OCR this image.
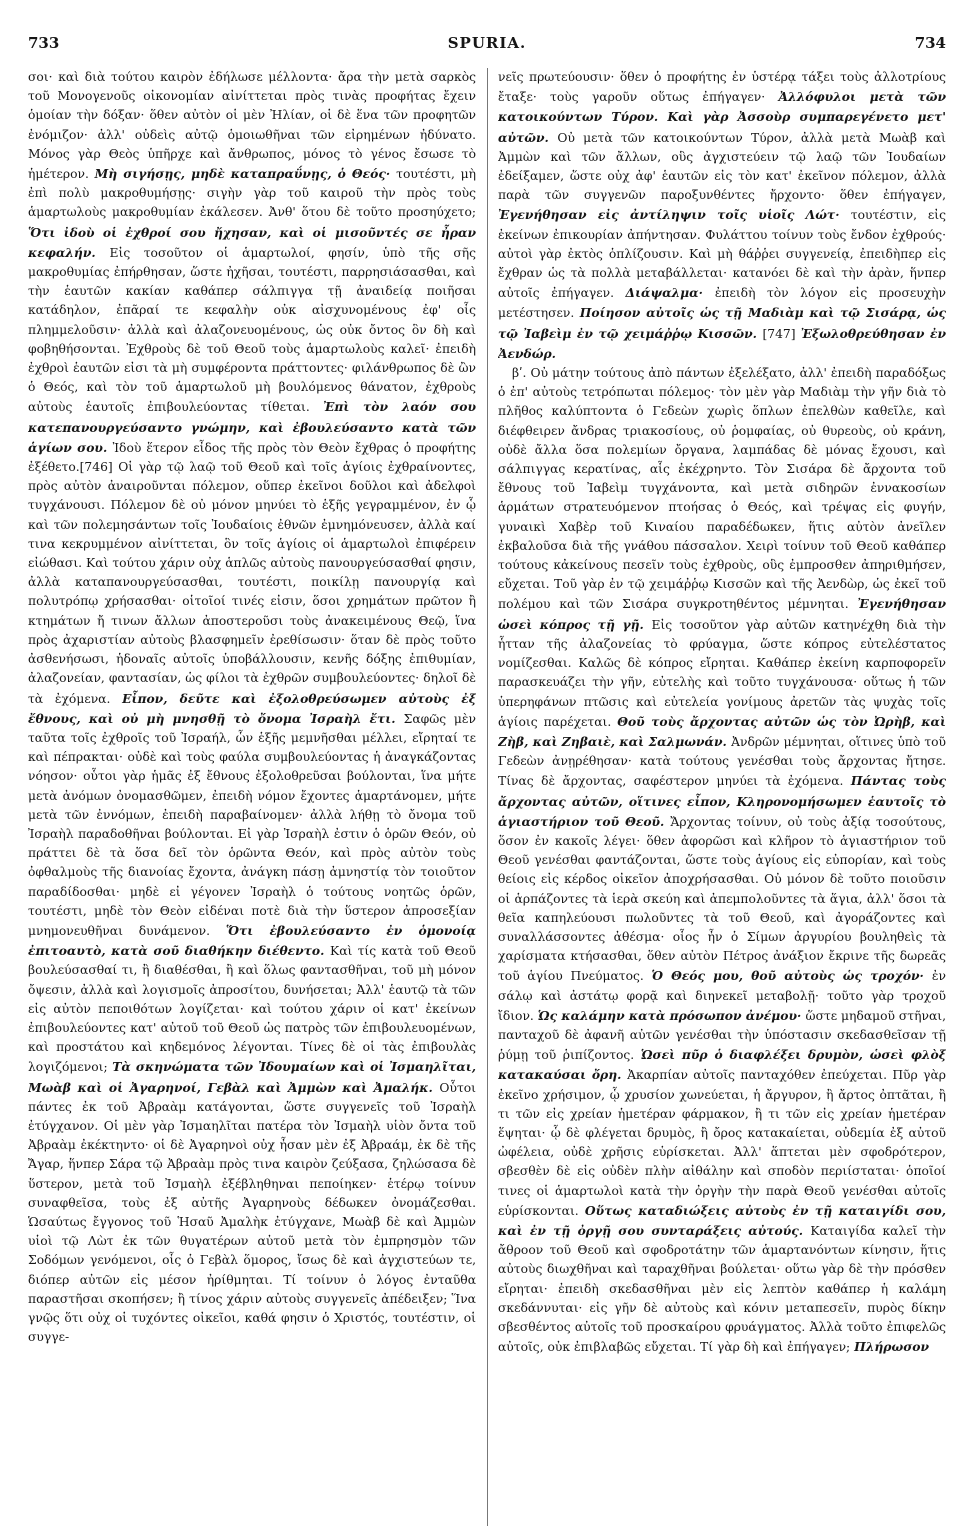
733	SPURIA.	734

σοι· καὶ διὰ τούτου καιρὸν ἐδήλωσε μέλλοντα· ἄρα τὴν μετὰ σαρκὸς τοῦ Μονογενοῦς οἰκονομίαν αἰνίττεται πρὸς τινὰς προφήτας ἔχειν ὁμοίαν τὴν δόξαν· ὅθεν αὐτὸν οἱ μὲν Ἠλίαν, οἱ δὲ ἕνα τῶν προφητῶν ἐνόμιζον· ἀλλ' οὐδεὶς αὐτῷ ὁμοιωθῆναι τῶν εἰρημένων ἠδύνατο. Μόνος γὰρ Θεὸς ὑπῆρχε καὶ ἄνθρωπος, μόνος τὸ γένος ἔσωσε τὸ ἡμέτερον. Μὴ σιγήσῃς, μηδὲ καταπραΰνῃς, ὁ Θεός· τουτέστι, μὴ ἐπὶ πολὺ μακροθυμήσῃς· σιγὴν γὰρ τοῦ καιροῦ τὴν πρὸς τοὺς ἁμαρτωλοὺς μακροθυμίαν ἐκάλεσεν. Ἀνθ' ὅτου δὲ τοῦτο προσηύχετο; Ὅτι ἰδοὺ οἱ ἐχθροί σου ἤχησαν, καὶ οἱ μισοῦντές σε ἦραν κεφαλήν. Εἰς τοσοῦτον οἱ ἁμαρτωλοί, φησίν, ὑπὸ τῆς σῆς μακροθυμίας ἐπήρθησαν, ὥστε ἠχῆσαι, τουτέστι, παρρησιάσασθαι, καὶ τὴν ἑαυτῶν κακίαν καθάπερ σάλπιγγα τῇ ἀναιδείᾳ ποιῆσαι κατάδηλον, ἐπᾶραί τε κεφαλὴν οὐκ αἰσχυνομένους ἐφ' οἷς πλημμελοῦσιν· ἀλλὰ καὶ ἀλαζονευομένους, ὡς οὐκ ὄντος ὃν δὴ καὶ φοβηθήσονται. Ἐχθροὺς δὲ τοῦ Θεοῦ τοὺς ἁμαρτωλοὺς καλεῖ· ἐπειδὴ ἐχθροὶ ἑαυτῶν εἰσι τὰ μὴ συμφέροντα πράττοντες· φιλάνθρωπος δὲ ὢν ὁ Θεός, καὶ τὸν τοῦ ἁμαρτωλοῦ μὴ βουλόμενος θάνατον, ἐχθροὺς αὐτοὺς ἑαυτοῖς ἐπιβουλεύοντας τίθεται. Ἐπὶ τὸν λαόν σου κατεπανουργεύσαντο γνώμην, καὶ ἐβουλεύσαντο κατὰ τῶν ἁγίων σου. Ἰδοὺ ἕτερον εἶδος τῆς πρὸς τὸν Θεὸν ἔχθρας ὁ προφήτης ἐξέθετο.[746] Οἱ γὰρ τῷ λαῷ τοῦ Θεοῦ καὶ τοῖς ἁγίοις ἐχθραίνοντες, πρὸς αὐτὸν ἀναιροῦνται πόλεμον, οὕπερ ἐκεῖνοι δοῦλοι καὶ ἀδελφοὶ τυγχάνουσι. Πόλεμον δὲ οὐ μόνον μηνύει τὸ ἑξῆς γεγραμμένον, ἐν ᾧ καὶ τῶν πολεμησάντων τοῖς Ἰουδαίοις ἐθνῶν ἐμνημόνευσεν, ἀλλὰ καί τινα κεκρυμμένον αἰνίττεται, ὃν τοῖς ἁγίοις οἱ ἁμαρτωλοὶ ἐπιφέρειν εἰώθασι. Καὶ τούτου χάριν οὐχ ἁπλῶς αὐτοὺς πανουργεύσασθαί φησιν, ἀλλὰ καταπανουργεύσασθαι, τουτέστι, ποικίλῃ πανουργίᾳ καὶ πολυτρόπῳ χρήσασθαι· οἱτοῖοί τινές εἰσιν, ὅσοι χρημάτων πρῶτον ἢ κτημάτων ἤ τινων ἄλλων ἀποστεροῦσι τοὺς ἀνακειμένους Θεῷ, ἵνα πρὸς ἀχαριστίαν αὐτοὺς βλασφημεῖν ἐρεθίσωσιν· ὅταν δὲ πρὸς τοῦτο ἀσθενήσωσι, ἡδοναῖς αὐτοῖς ὑποβάλλουσιν, κενῆς δόξης ἐπιθυμίαν, ἀλαζονείαν, φαντασίαν, ὡς φίλοι τὰ ἐχθρῶν συμβουλεύοντες· δηλοῖ δὲ τὰ ἐχόμενα. Εἶπον, δεῦτε καὶ ἐξολοθρεύσωμεν αὐτοὺς ἐξ ἔθνους, καὶ οὐ μὴ μνησθῇ τὸ ὄνομα Ἰσραὴλ ἔτι. Σαφῶς μὲν ταῦτα τοῖς ἐχθροῖς τοῦ Ἰσραήλ, ὧν ἑξῆς μεμνῆσθαι μέλλει, εἴρηταί τε καὶ πέπρακται· οὐδὲ καὶ τοὺς φαύλα συμβουλεύοντας ἡ ἀναγκάζοντας νόησον· οὗτοι γὰρ ἡμᾶς ἐξ ἔθνους ἐξολοθρεῦσαι βούλονται, ἵνα μήτε μετὰ ἀνόμων ὀνομασθῶμεν, ἐπειδὴ νόμον ἔχοντες ἁμαρτάνομεν, μήτε μετὰ τῶν ἐννόμων, ἐπειδὴ παραβαίνομεν· ἀλλὰ λήθῃ τὸ ὄνομα τοῦ Ἰσραὴλ παραδοθῆναι βούλονται. Εἰ γὰρ Ἰσραὴλ ἐστιν ὁ ὁρῶν Θεόν, οὐ πράττει δὲ τὰ ὅσα δεῖ τὸν ὁρῶντα Θεόν, καὶ πρὸς αὐτὸν τοὺς ὀφθαλμοὺς τῆς διανοίας ἔχοντα, ἀνάγκη πάσῃ ἀμνηστίᾳ τὸν τοιοῦτον παραδίδοσθαι· μηδὲ εἰ γέγονεν Ἰσραὴλ ὁ τούτους νοητῶς ὁρῶν, τουτέστι, μηδὲ τὸν Θεὸν εἰδέναι ποτὲ διὰ τὴν ὕστερον ἀπροσεξίαν μνημονευθῆναι δυνάμενον. Ὅτι ἐβουλεύσαντο ἐν ὁμονοίᾳ ἐπιτοαυτὸ, κατὰ σοῦ διαθήκην διέθεντο. Καὶ τίς κατὰ τοῦ Θεοῦ βουλεύσασθαί τι, ἢ διαθέσθαι, ἢ καὶ ὅλως φαντασθῆναι, τοῦ μὴ μόνον ὄψεσιν, ἀλλὰ καὶ λογισμοῖς ἀπροσίτου, δυνήσεται; Ἀλλ' ἑαυτῷ τὰ τῶν εἰς αὐτὸν πεποιθότων λογίζεται· καὶ τούτου χάριν οἱ κατ' ἐκείνων ἐπιβουλεύοντες κατ' αὐτοῦ τοῦ Θεοῦ ὡς πατρὸς τῶν ἐπιβουλευομένων, καὶ προστάτου καὶ κηδεμόνος λέγονται. Τίνες δὲ οἱ τὰς ἐπιβουλὰς λογιζόμενοι; Τὰ σκηνώματα τῶν Ἰδουμαίων καὶ οἱ Ἰσμαηλῖται, Μωὰβ καὶ οἱ Ἀγαρηνοί, Γεβὰλ καὶ Ἀμμὼν καὶ Ἀμαλήκ. Οὗτοι πάντες ἐκ τοῦ Ἀβραὰμ κατάγονται, ὥστε συγγενεῖς τοῦ Ἰσραὴλ ἐτύγχανον. Οἱ μὲν γὰρ Ἰσμαηλῖται πατέρα τὸν Ἰσμαὴλ υἱὸν ὄντα τοῦ Ἀβραὰμ ἐκέκτηντο· οἱ δὲ Ἀγαρηνοὶ οὐχ ἦσαν μὲν ἐξ Ἀβραάμ, ἐκ δὲ τῆς Ἄγαρ, ἥνπερ Σάρα τῷ Ἀβραὰμ πρὸς τινα καιρὸν ζεύξασα, ζηλώσασα δὲ ὕστερον, μετὰ τοῦ Ἰσμαὴλ ἐξέβληθηναι πεποίηκεν· ἑτέρῳ τοίνυν συναφθεῖσα, τοὺς ἐξ αὐτῆς Ἀγαρηνοὺς δέδωκεν ὀνομάζεσθαι. Ὡσαύτως ἔγγονος τοῦ Ἡσαῦ Ἀμαλὴκ ἐτύγχανε, Μωὰβ δὲ καὶ Ἀμμὼν υἱοὶ τῷ Λὼτ ἐκ τῶν θυγατέρων αὐτοῦ μετὰ τὸν ἐμπρησμὸν τῶν Σοδόμων γενόμενοι, οἷς ὁ Γεβὰλ ὅμορος, ἴσως δὲ καὶ ἀγχιστεύων τε, διόπερ αὐτῶν εἰς μέσον ἠρίθμηται. Τί τοίνυν ὁ λόγος ἐνταῦθα παραστῆσαι σκοπήσεν; ἢ τίνος χάριν αὐτοὺς συγγενεῖς ἀπέδειξεν; Ἵνα γνῷς ὅτι οὐχ οἱ τυχόντες οἰκεῖοι, καθά φησιν ὁ Χριστός, τουτέστιν, οἱ συγγε-

νεῖς πρωτεύουσιν· ὅθεν ὁ προφήτης ἐν ὑστέρᾳ τάξει τοὺς ἀλλοτρίους ἔταξε· τοὺς γαροῦν οὕτως ἐπήγαγεν· Ἀλλόφυλοι μετὰ τῶν κατοικούντων Τύρον. Καὶ γὰρ Ἀσσοὺρ συμπαρεγένετο μετ' αὐτῶν. Οὐ μετὰ τῶν κατοικούντων Τύρον, ἀλλὰ μετὰ Μωὰβ καὶ Ἀμμὼν καὶ τῶν ἄλλων, οὓς ἀγχιστεύειν τῷ λαῷ τῶν Ἰουδαίων ἐδείξαμεν, ὥστε οὐχ ἀφ' ἑαυτῶν εἰς τὸν κατ' ἐκεῖνον πόλεμον, ἀλλὰ παρὰ τῶν συγγενῶν παροξυνθέντες ἤρχοντο· ὅθεν ἐπήγαγεν, Ἐγενήθησαν εἰς ἀντίληψιν τοῖς υἱοῖς Λώτ· τουτέστιν, εἰς ἐκείνων ἐπικουρίαν ἀπήντησαν. Φυλάττου τοίνυν τοὺς ἔνδον ἐχθρούς· αὐτοὶ γὰρ ἐκτὸς ὁπλίζουσιν. Καὶ μὴ θάῤῥει συγγενείᾳ, ἐπειδὴπερ εἰς ἔχθραν ὡς τὰ πολλὰ μεταβάλλεται· κατανόει δὲ καὶ τὴν ἀρὰν, ἥνπερ αὐτοῖς ἐπήγαγεν. Διάψαλμα· ἐπειδὴ τὸν λόγον εἰς προσευχὴν μετέστησεν. Ποίησον αὐτοῖς ὡς τῇ Μαδιὰμ καὶ τῷ Σισάρᾳ, ὡς τῷ Ἰαβεὶμ ἐν τῷ χειμάῤῥῳ Κισσῶν. [747] Ἐξωλοθρεύθησαν ἐν Ἀενδώρ.
βʹ. Οὐ μάτην τούτους ἀπὸ πάντων ἐξελέξατο, ἀλλ' ἐπειδὴ παραδόξως ὁ ἐπ' αὐτοὺς τετρόπωται πόλεμος· τὸν μὲν γὰρ Μαδιὰμ τὴν γῆν διὰ τὸ πλῆθος καλύπτοντα ὁ Γεδεὼν χωρὶς ὅπλων ἐπελθὼν καθεῖλε, καὶ διέφθειρεν ἄνδρας τριακοσίους, οὐ ῥομφαίας, οὐ θυρεοὺς, οὐ κράνη, οὐδὲ ἄλλα ὅσα πολεμίων ὄργανα, λαμπάδας δὲ μόνας ἔχουσι, καὶ σάλπιγγας κερατίνας, αἷς ἐκέχρηντο. Τὸν Σισάρα δὲ ἄρχοντα τοῦ ἔθνους τοῦ Ἰαβεὶμ τυγχάνοντα, καὶ μετὰ σιδηρῶν ἐννακοσίων ἁρμάτων στρατευόμενον πτοήσας ὁ Θεός, καὶ τρέψας εἰς φυγήν, γυναικὶ Χαβὲρ τοῦ Κιναίου παραδέδωκεν, ἥτις αὐτὸν ἀνεῖλεν ἐκβαλοῦσα διὰ τῆς γνάθου πάσσαλον. Χειρὶ τοίνυν τοῦ Θεοῦ καθάπερ τούτους κἀκείνους πεσεῖν τοὺς ἐχθροὺς, οὓς ἐμπροσθεν ἀπηριθμήσεν, εὔχεται. Τοῦ γὰρ ἐν τῷ χειμάῤῥῳ Κισσῶν καὶ τῆς Ἀενδὼρ, ὡς ἐκεῖ τοῦ πολέμου καὶ τῶν Σισάρα συγκροτηθέντος μέμνηται. Ἐγενήθησαν ὡσεὶ κόπρος τῇ γῇ. Εἰς τοσοῦτον γὰρ αὐτῶν κατηνέχθη διὰ τὴν ἧτταν τῆς ἀλαζονείας τὸ φρύαγμα, ὥστε κόπρος εὐτελέστατος νομίζεσθαι. Καλῶς δὲ κόπρος εἴρηται. Καθάπερ ἐκείνη καρποφορεῖν παρασκευάζει τὴν γῆν, εὐτελὴς καὶ τοῦτο τυγχάνουσα· οὕτως ἡ τῶν ὑπερηφάνων πτῶσις καὶ εὐτελεία γονίμους ἀρετῶν τὰς ψυχὰς τοῖς ἁγίοις παρέχεται. Θοῦ τοὺς ἄρχοντας αὐτῶν ὡς τὸν Ὠρὴβ, καὶ Ζὴβ, καὶ Ζηβαιὲ, καὶ Σαλμωνάν. Ἀνδρῶν μέμνηται, οἵτινες ὑπὸ τοῦ Γεδεὼν ἀνῃρέθησαν· κατὰ τούτους γενέσθαι τοὺς ἄρχοντας ἤτησε. Τίνας δὲ ἄρχοντας, σαφέστερον μηνύει τὰ ἐχόμενα. Πάντας τοὺς ἄρχοντας αὐτῶν, οἵτινες εἶπον, Κληρονομήσωμεν ἑαυτοῖς τὸ ἁγιαστήριον τοῦ Θεοῦ. Ἄρχοντας τοίνυν, οὐ τοὺς ἀξίᾳ τοσούτους, ὅσον ἐν κακοῖς λέγει· ὅθεν ἀφορῶσι καὶ κλῆρον τὸ ἁγιαστήριον τοῦ Θεοῦ γενέσθαι φαντάζονται, ὥστε τοὺς ἁγίους εἰς εὐπορίαν, καὶ τοὺς θείοις εἰς κέρδος οἰκεῖον ἀποχρήσασθαι. Οὐ μόνον δὲ τοῦτο ποιοῦσιν οἱ ἁρπάζοντες τὰ ἱερὰ σκεύη καὶ ἀπεμπολοῦντες τὰ ἅγια, ἀλλ' ὅσοι τὰ θεῖα καπηλεύουσι πωλοῦντες τὰ τοῦ Θεοῦ, καὶ ἀγοράζοντες καὶ συναλλάσσοντες ἀθέσμα· οἷος ἦν ὁ Σίμων ἀργυρίου βουληθεὶς τὰ χαρίσματα κτήσασθαι, ὅθεν αὐτὸν Πέτρος ἀνάξιον ἔκρινε τῆς δωρεᾶς τοῦ ἁγίου Πνεύματος. Ὁ Θεός μου, θοῦ αὐτοὺς ὡς τροχόν· ἐν σάλῳ καὶ ἀστάτῳ φορᾷ καὶ διηνεκεῖ μεταβολῇ· τοῦτο γὰρ τροχοῦ ἴδιον. Ὡς καλάμην κατὰ πρόσωπον ἀνέμου· ὥστε μηδαμοῦ στῆναι, πανταχοῦ δὲ ἀφανῆ αὐτῶν γενέσθαι τὴν ὑπόστασιν σκεδασθεῖσαν τῇ ῥύμῃ τοῦ ῥιπίζοντος. Ὡσεὶ πῦρ ὁ διαφλέξει δρυμὸν, ὡσεὶ φλὸξ κατακαύσαι ὄρη. Ἀκαρπίαν αὐτοῖς πανταχόθεν ἐπεύχεται. Πῦρ γὰρ ἐκεῖνο χρήσιμον, ᾧ χρυσίον χωνεύεται, ἡ ἄργυρον, ἢ ἄρτος ὀπτᾶται, ἢ τι τῶν εἰς χρείαν ἡμετέραν φάρμακον, ἢ τι τῶν εἰς χρείαν ἡμετέραν ἕψηται· ᾧ δὲ φλέγεται δρυμὸς, ἢ ὄρος κατακαίεται, οὐδεμία ἐξ αὐτοῦ ὠφέλεια, οὐδὲ χρῆσις εὑρίσκεται. Ἀλλ' ἅπτεται μὲν σφοδρότερον, σβεσθὲν δὲ εἰς οὐδὲν πλὴν αἰθάλην καὶ σποδὸν περιίσταται· ὁποῖοί τινες οἱ ἁμαρτωλοὶ κατὰ τὴν ὀργὴν τὴν παρὰ Θεοῦ γενέσθαι αὐτοῖς εὑρίσκονται. Οὕτως καταδιώξεις αὐτοὺς ἐν τῇ καταιγίδι σου, καὶ ἐν τῇ ὀργῇ σου συνταράξεις αὐτούς. Καταιγίδα καλεῖ τὴν ἄθροον τοῦ Θεοῦ καὶ σφοδροτάτην τῶν ἁμαρτανόντων κίνησιν, ἥτις αὐτοὺς διωχθῆναι καὶ ταραχθῆναι βούλεται· οὕτω γὰρ δὲ τὴν πρόσθεν εἴρηται· ἐπειδὴ σκεδασθῆναι μὲν εἰς λεπτὸν καθάπερ ἡ καλάμη σκεδάννυται· εἰς γῆν δὲ αὐτοὺς καὶ κόνιν μεταπεσεῖν, πυρὸς δίκην σβεσθέντος αὐτοῖς τοῦ προσκαίρου φρυάγματος. Ἀλλὰ τοῦτο ἐπιφελῶς αὐτοῖς, οὐκ ἐπιβλαβῶς εὔχεται. Τί γὰρ δὴ καὶ ἐπήγαγεν; Πλήρωσον
